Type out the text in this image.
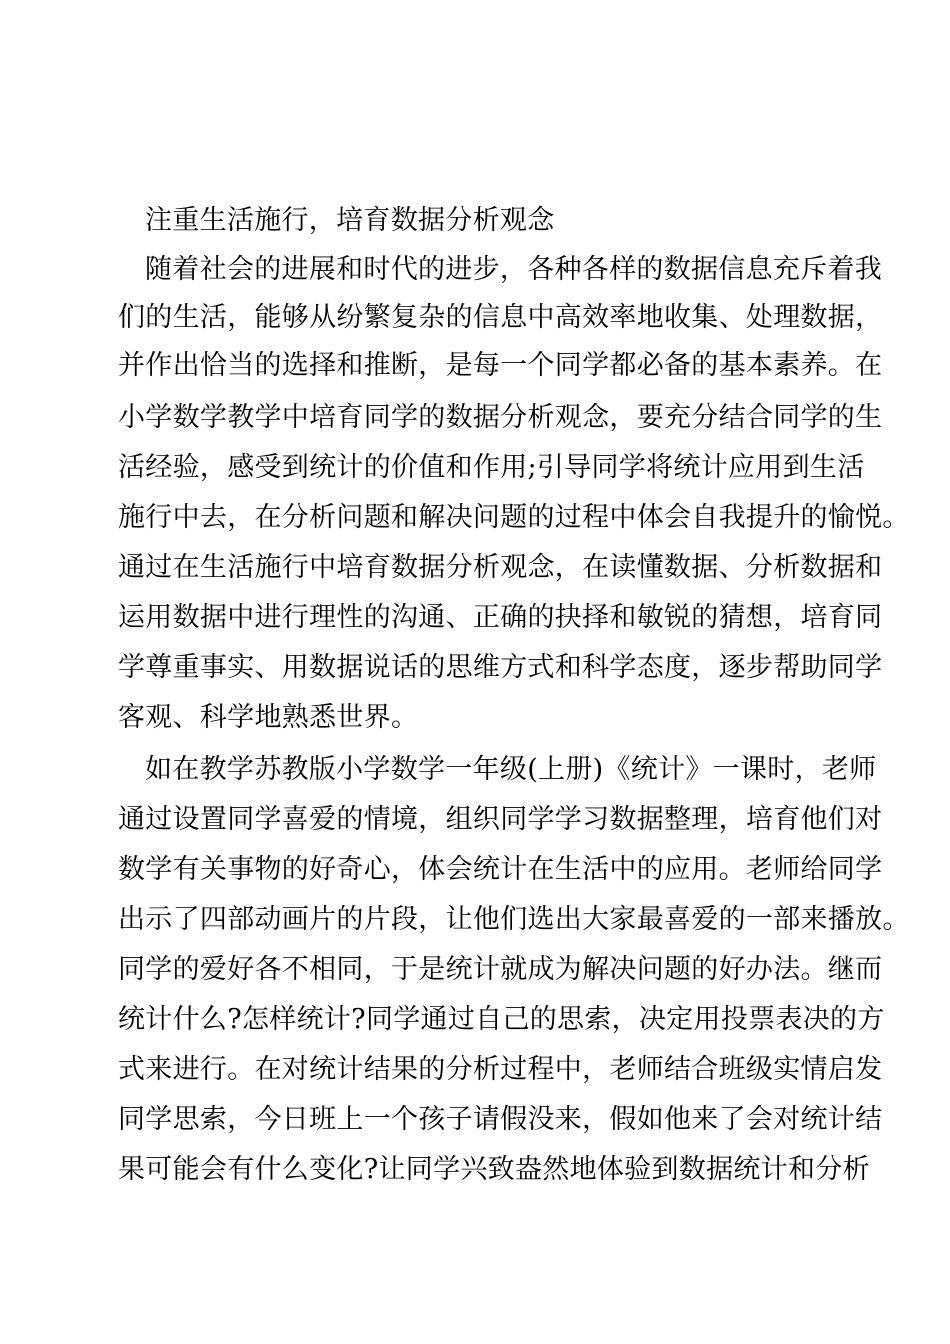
注重生活施行，培育数据分析观念
随着社会的进展和时代的进步，各种各样的数据信息充斥着我
们的生活，能够从纷繁复杂的信息中高效率地收集、处理数据，
并作出恰当的选择和推断，是每一个同学都必备的基本素养。在
小学数学教学中培育同学的数据分析观念，要充分结合同学的生
活经验，感受到统计的价值和作用;引导同学将统计应用到生活
施行中去，在分析问题和解决问题的过程中体会自我提升的愉悦。
通过在生活施行中培育数据分析观念，在读懂数据、分析数据和
运用数据中进行理性的沟通、正确的抉择和敏锐的猜想，培育同
学尊重事实、用数据说话的思维方式和科学态度，逐步帮助同学
客观、科学地熟悉世界。
如在教学苏教版小学数学一年级(上册)《统计》一课时，老师
通过设置同学喜爱的情境，组织同学学习数据整理，培育他们对
数学有关事物的好奇心，体会统计在生活中的应用。老师给同学
出示了四部动画片的片段，让他们选出大家最喜爱的一部来播放。
同学的爱好各不相同，于是统计就成为解决问题的好办法。继而
统计什么?怎样统计?同学通过自己的思索，决定用投票表决的方
式来进行。在对统计结果的分析过程中，老师结合班级实情启发
同学思索，今日班上一个孩子请假没来，假如他来了会对统计结
果可能会有什么变化?让同学兴致盎然地体验到数据统计和分析
